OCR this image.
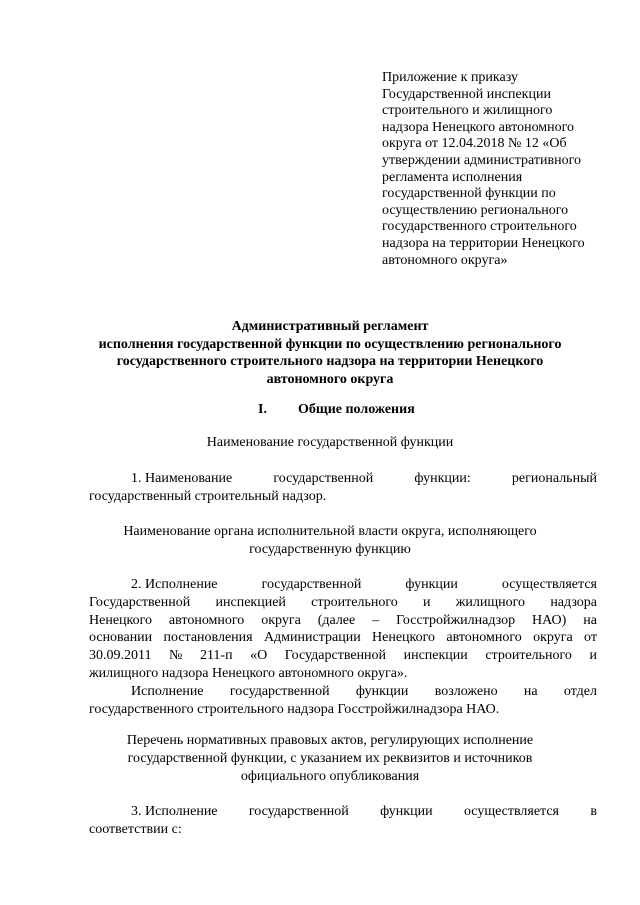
Приложение к приказу
Государственной инспекции
строительного и жилищного
надзора Ненецкого автономного
округа от 12.04.2018 № 12 «Об
утверждении административного
регламента исполнения
государственной функции по
осуществлению регионального
государственного строительного
надзора на территории Ненецкого
автономного округа»
Административный регламент
исполнения государственной функции по осуществлению регионального
государственного строительного надзора на территории Ненецкого
автономного округа
I. Общие положения
Наименование государственной функции
1. Наименование	государственной	функции:	региональный
государственный строительный надзор.
Наименование органа исполнительной власти округа, исполняющего
государственную функцию
2. Исполнение	государственной	функции	осуществляется
Государственной инспекцией строительного и жилищного надзора
Ненецкого автономного округа (далее – Госстройжилнадзор НАО) на
основании постановления Администрации Ненецкого автономного округа от
30.09.2011 № 211-п «О Государственной инспекции строительного и
жилищного надзора Ненецкого автономного округа».
Исполнение государственной функции возложено на отдел
государственного строительного надзора Госстройжилнадзора НАО.
Перечень нормативных правовых актов, регулирующих исполнение
государственной функции, с указанием их реквизитов и источников
официального опубликования
3. Исполнение государственной функции осуществляется в
соответствии с:
